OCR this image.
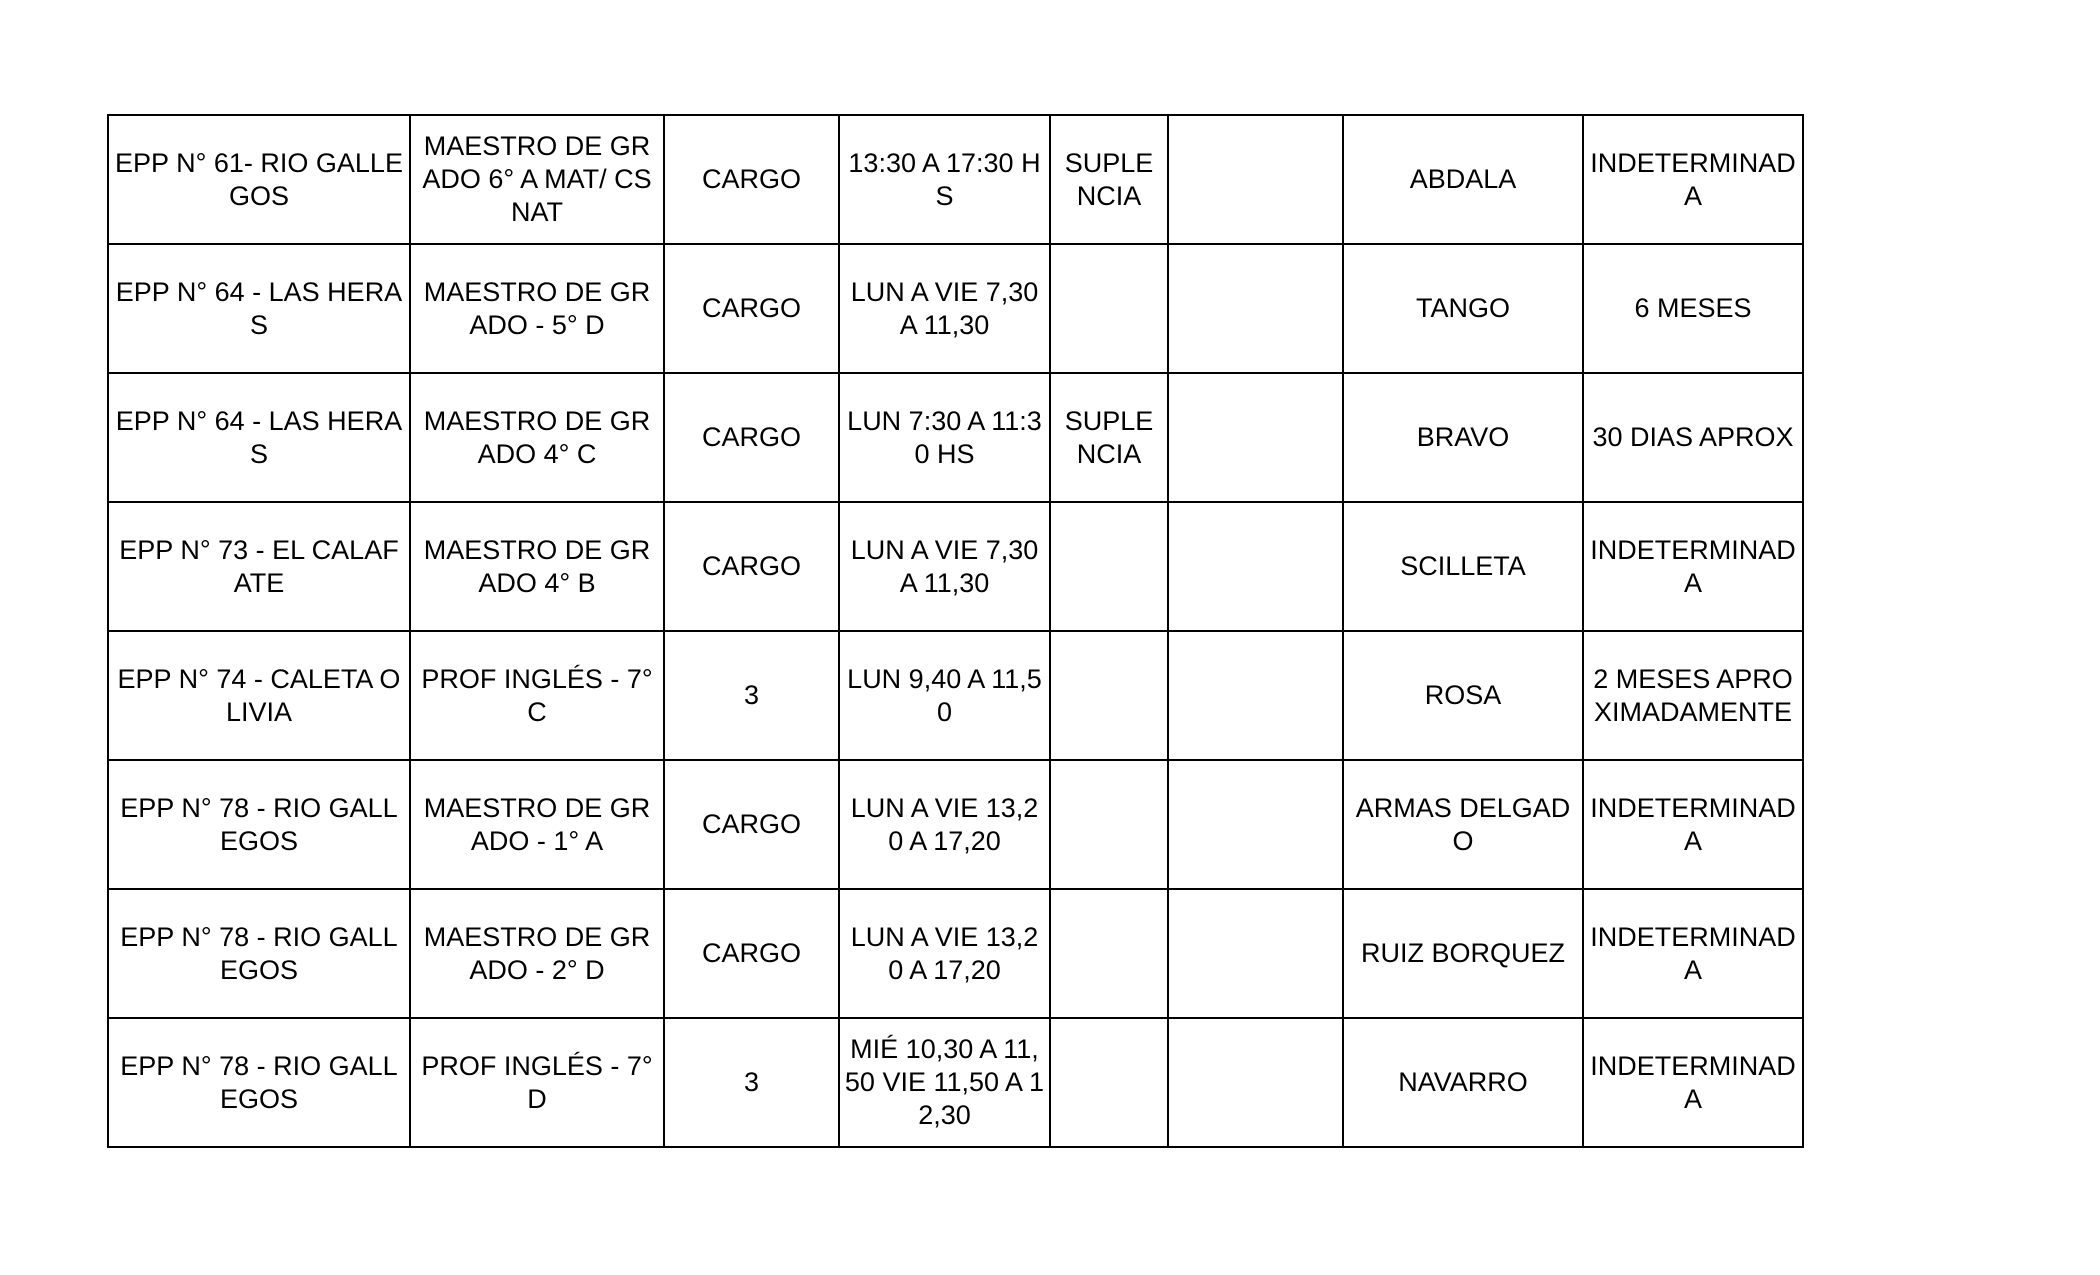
EPP N° 61- RIO GALLEGOS	MAESTRO DE GRADO 6° A MAT/ CS NAT	CARGO	13:30 A 17:30 HS	SUPLENCIA		ABDALA	INDETERMINADA

EPP N° 64 - LAS HERAS	MAESTRO DE GRADO - 5° D	CARGO	LUN A VIE 7,30 A 11,30			TANGO	6 MESES

EPP N° 64 - LAS HERAS	MAESTRO DE GRADO 4° C	CARGO	LUN 7:30 A 11:30 HS	SUPLENCIA		BRAVO	30 DIAS APROX

EPP N° 73 - EL CALAFATE	MAESTRO DE GRADO 4° B	CARGO	LUN A VIE 7,30 A 11,30			SCILLETA	INDETERMINADA

EPP N° 74 - CALETA OLIVIA	PROF INGLÉS - 7° C	3	LUN 9,40 A 11,50			ROSA	2 MESES APROXIMADAMENTE

EPP N° 78 - RIO GALLEGOS	MAESTRO DE GRADO - 1° A	CARGO	LUN A VIE 13,20 A 17,20			ARMAS DELGADO	INDETERMINADA

EPP N° 78 - RIO GALLEGOS	MAESTRO DE GRADO - 2° D	CARGO	LUN A VIE 13,20 A 17,20			RUIZ BORQUEZ	INDETERMINADA

EPP N° 78 - RIO GALLEGOS	PROF INGLÉS - 7° D	3	MIÉ 10,30 A 11,50 VIE 11,50 A 12,30			NAVARRO	INDETERMINADA
